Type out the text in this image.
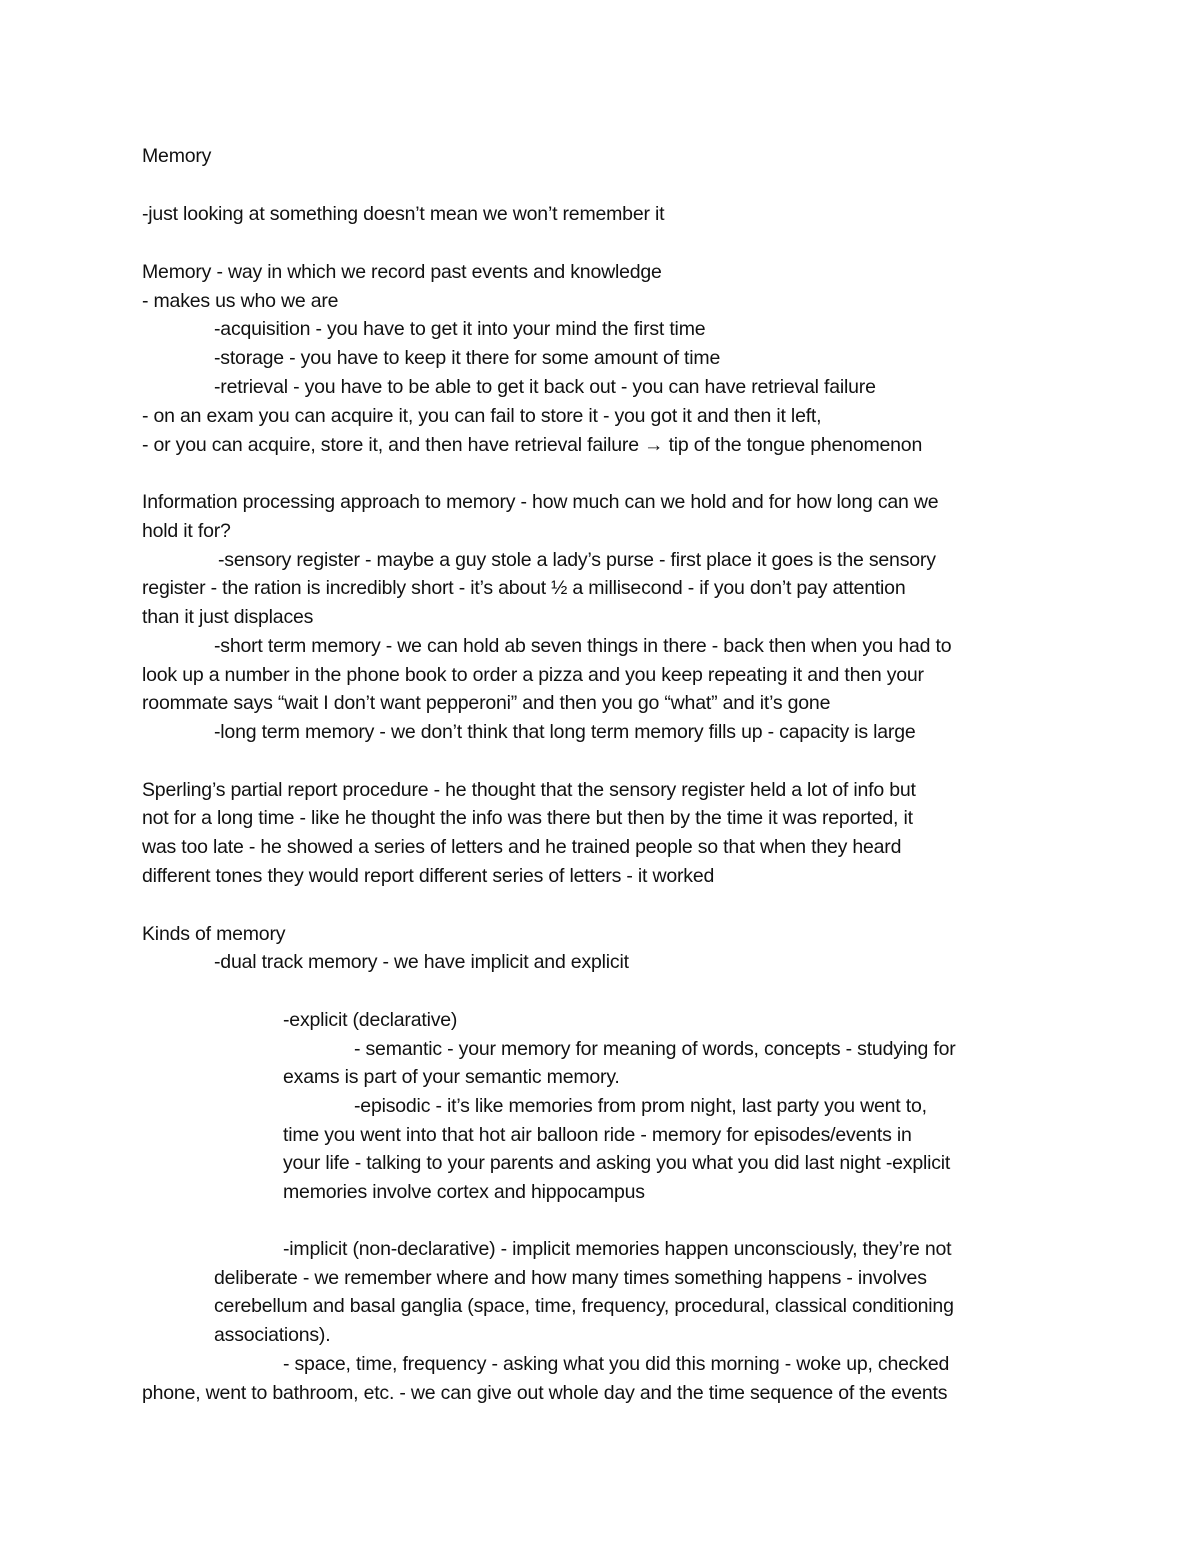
Memory
-just looking at something doesn’t mean we won’t remember it
Memory - way in which we record past events and knowledge
- makes us who we are
-acquisition - you have to get it into your mind the first time
-storage - you have to keep it there for some amount of time
-retrieval - you have to be able to get it back out - you can have retrieval failure
- on an exam you can acquire it, you can fail to store it - you got it and then it left,
- or you can acquire, store it, and then have retrieval failure → tip of the tongue phenomenon
Information processing approach to memory - how much can we hold and for how long can we
hold it for?
-sensory register - maybe a guy stole a lady’s purse - first place it goes is the sensory
register - the ration is incredibly short - it’s about ½ a millisecond - if you don’t pay attention
than it just displaces
-short term memory - we can hold ab seven things in there - back then when you had to
look up a number in the phone book to order a pizza and you keep repeating it and then your
roommate says “wait I don’t want pepperoni” and then you go “what” and it’s gone
-long term memory - we don’t think that long term memory fills up - capacity is large
Sperling’s partial report procedure - he thought that the sensory register held a lot of info but
not for a long time - like he thought the info was there but then by the time it was reported, it
was too late - he showed a series of letters and he trained people so that when they heard
different tones they would report different series of letters - it worked
Kinds of memory
-dual track memory - we have implicit and explicit
-explicit (declarative)
- semantic - your memory for meaning of words, concepts - studying for
exams is part of your semantic memory.
-episodic - it’s like memories from prom night, last party you went to,
time you went into that hot air balloon ride - memory for episodes/events in
your life - talking to your parents and asking you what you did last night -explicit
memories involve cortex and hippocampus
-implicit (non-declarative) - implicit memories happen unconsciously, they’re not
deliberate - we remember where and how many times something happens - involves
cerebellum and basal ganglia (space, time, frequency, procedural, classical conditioning
associations).
- space, time, frequency - asking what you did this morning - woke up, checked
phone, went to bathroom, etc. - we can give out whole day and the time sequence of the events
